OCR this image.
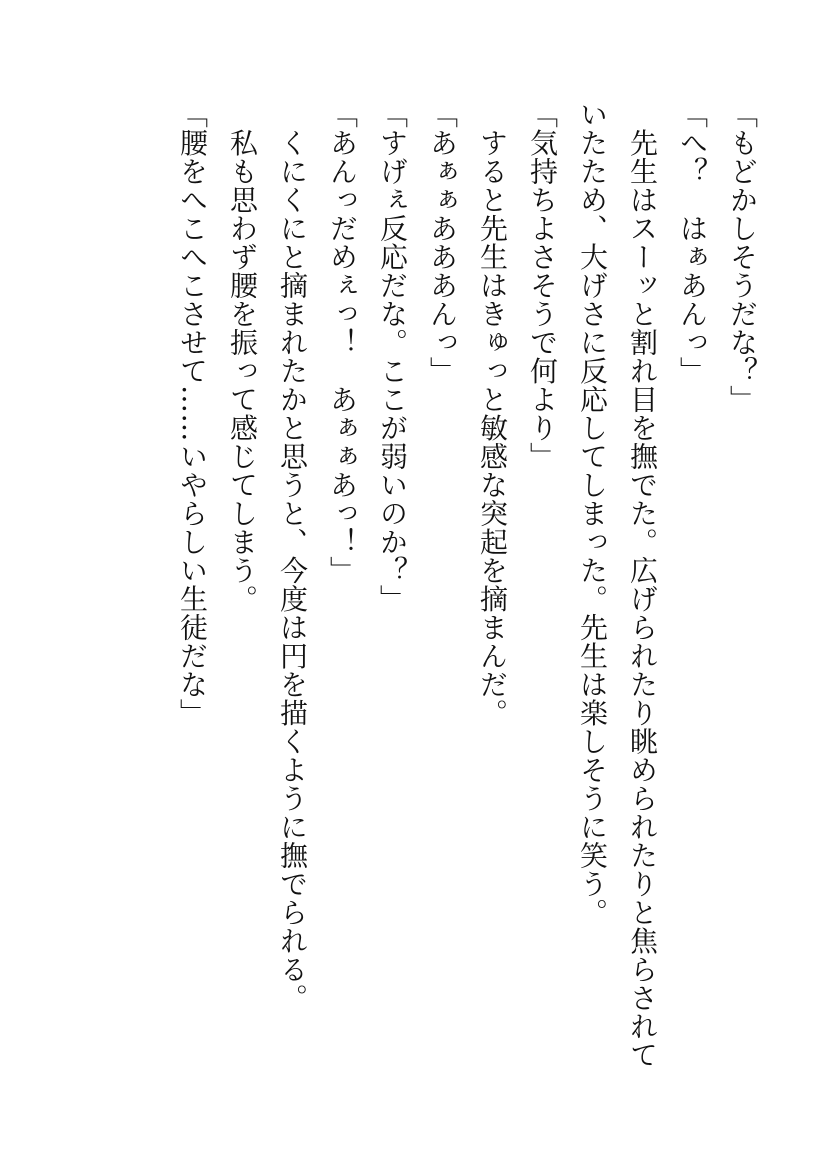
「もどかしそうだな？」
「へ？　はぁあんっ」
　先生はスーッと割れ目を撫でた。広げられたり眺められたりと焦らされていたため、大げさに反応してしまった。先生は楽しそうに笑う。
「気持ちよさそうで何より」
　すると先生はきゅっと敏感な突起を摘まんだ。
「あぁぁあああんっ」
「すげぇ反応だな。ここが弱いのか？」
「あんっだめぇっ！　あぁぁあっ！」
　くにくにと摘まれたかと思うと、今度は円を描くように撫でられる。
　私も思わず腰を振って感じてしまう。
「腰をへこへこさせて……いやらしい生徒だな」
